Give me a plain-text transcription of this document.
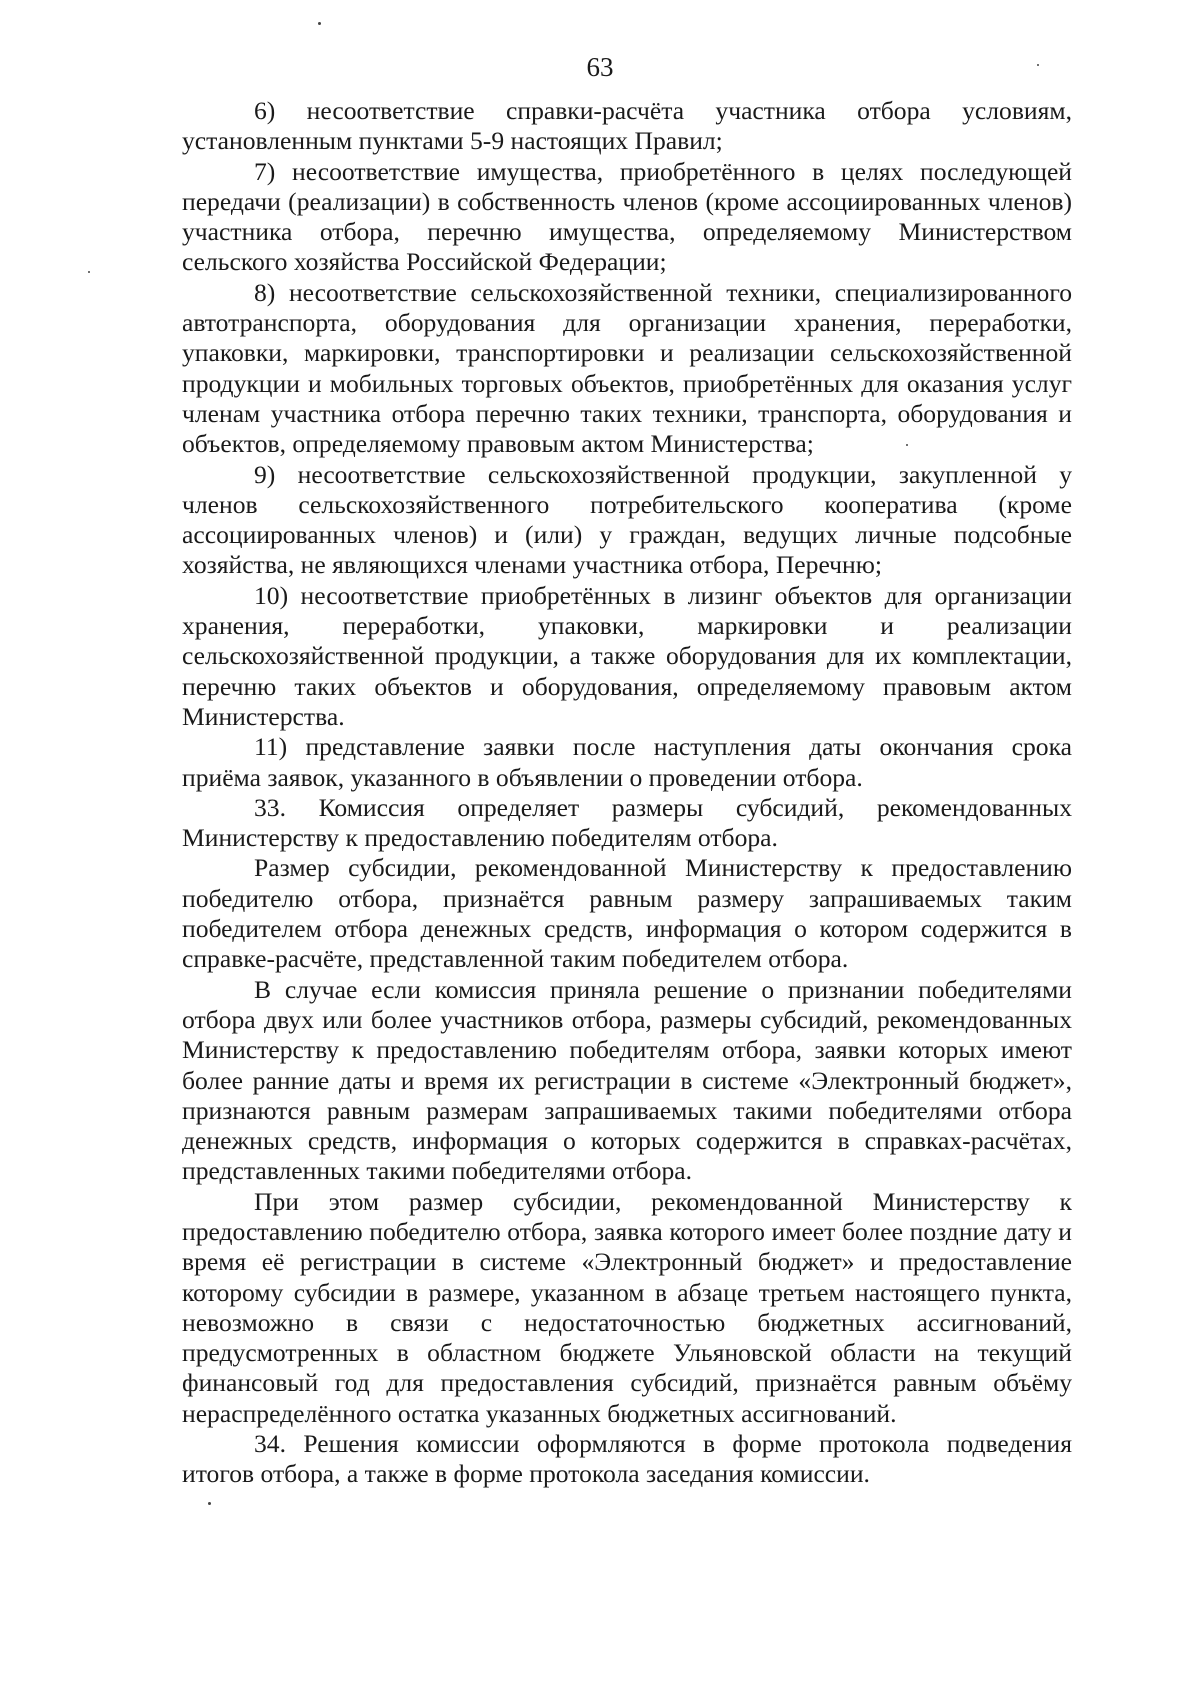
63

6) несоответствие справки-расчёта участника отбора условиям, установленным пунктами 5-9 настоящих Правил;

7) несоответствие имущества, приобретённого в целях последующей передачи (реализации) в собственность членов (кроме ассоциированных членов) участника отбора, перечню имущества, определяемому Министерством сельского хозяйства Российской Федерации;

8) несоответствие сельскохозяйственной техники, специализированного автотранспорта, оборудования для организации хранения, переработки, упаковки, маркировки, транспортировки и реализации сельскохозяйственной продукции и мобильных торговых объектов, приобретённых для оказания услуг членам участника отбора перечню таких техники, транспорта, оборудования и объектов, определяемому правовым актом Министерства;

9) несоответствие сельскохозяйственной продукции, закупленной у членов сельскохозяйственного потребительского кооператива (кроме ассоциированных членов) и (или) у граждан, ведущих личные подсобные хозяйства, не являющихся членами участника отбора, Перечню;

10) несоответствие приобретённых в лизинг объектов для организации хранения, переработки, упаковки, маркировки и реализации сельскохозяйственной продукции, а также оборудования для их комплектации, перечню таких объектов и оборудования, определяемому правовым актом Министерства.

11) представление заявки после наступления даты окончания срока приёма заявок, указанного в объявлении о проведении отбора.

33. Комиссия определяет размеры субсидий, рекомендованных Министерству к предоставлению победителям отбора.

Размер субсидии, рекомендованной Министерству к предоставлению победителю отбора, признаётся равным размеру запрашиваемых таким победителем отбора денежных средств, информация о котором содержится в справке-расчёте, представленной таким победителем отбора.

В случае если комиссия приняла решение о признании победителями отбора двух или более участников отбора, размеры субсидий, рекомендованных Министерству к предоставлению победителям отбора, заявки которых имеют более ранние даты и время их регистрации в системе «Электронный бюджет», признаются равным размерам запрашиваемых такими победителями отбора денежных средств, информация о которых содержится в справках-расчётах, представленных такими победителями отбора.

При этом размер субсидии, рекомендованной Министерству к предоставлению победителю отбора, заявка которого имеет более поздние дату и время её регистрации в системе «Электронный бюджет» и предоставление которому субсидии в размере, указанном в абзаце третьем настоящего пункта, невозможно в связи с недостаточностью бюджетных ассигнований, предусмотренных в областном бюджете Ульяновской области на текущий финансовый год для предоставления субсидий, признаётся равным объёму нераспределённого остатка указанных бюджетных ассигнований.

34. Решения комиссии оформляются в форме протокола подведения итогов отбора, а также в форме протокола заседания комиссии.
